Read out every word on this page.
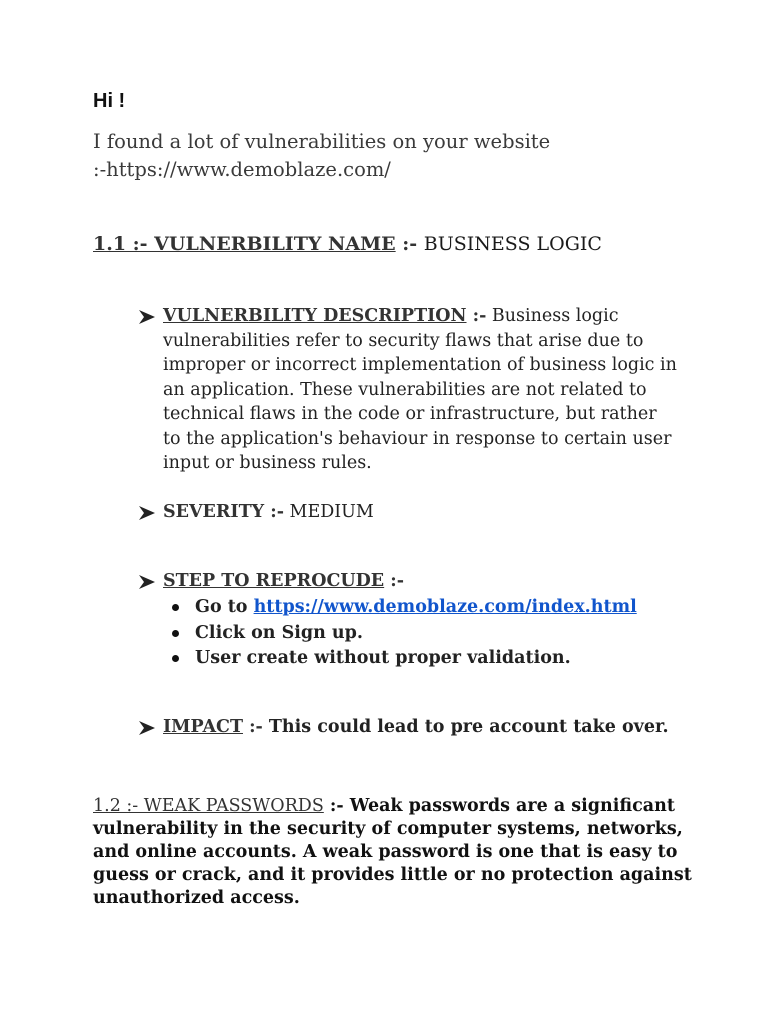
Hi !
I found a lot of vulnerabilities on your website
:-https://www.demoblaze.com/
1.1 :- VULNERBILITY NAME :- BUSINESS LOGIC
VULNERBILITY DESCRIPTION :- Business logic vulnerabilities refer to security flaws that arise due to improper or incorrect implementation of business logic in an application. These vulnerabilities are not related to technical flaws in the code or infrastructure, but rather to the application's behaviour in response to certain user input or business rules.
SEVERITY :- MEDIUM
STEP TO REPROCUDE :-
Go to https://www.demoblaze.com/index.html
Click on Sign up.
User create without proper validation.
IMPACT :- This could lead to pre account take over.
1.2 :- WEAK PASSWORDS :- Weak passwords are a significant vulnerability in the security of computer systems, networks, and online accounts. A weak password is one that is easy to guess or crack, and it provides little or no protection against unauthorized access.
